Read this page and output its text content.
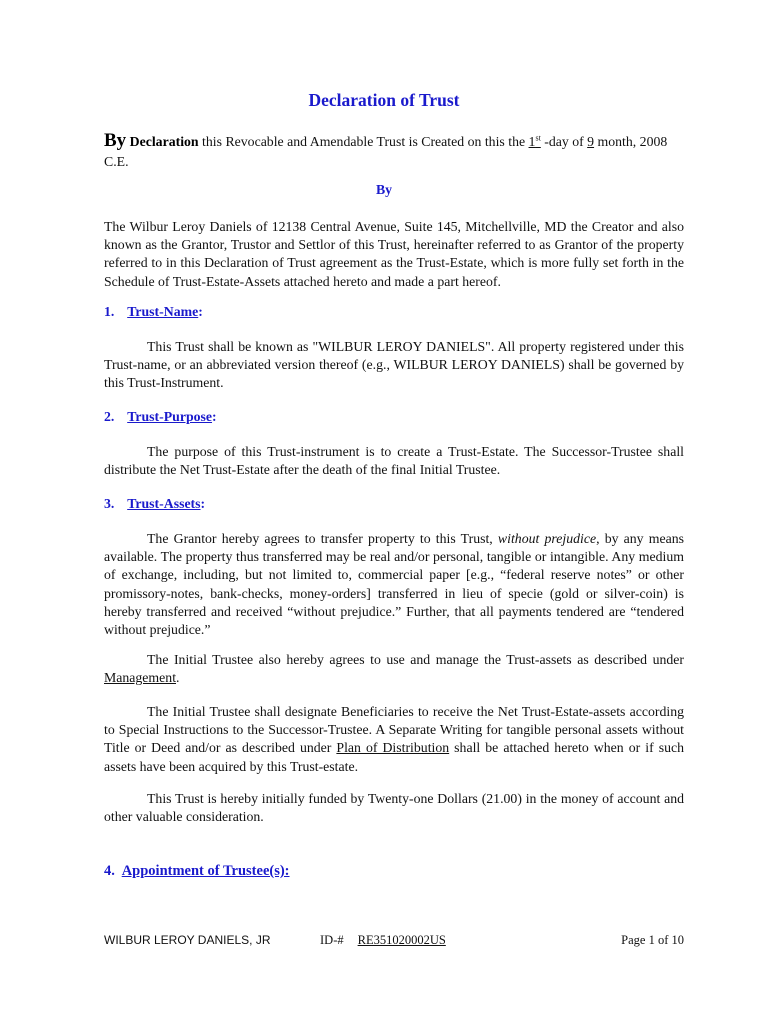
Declaration of Trust
By Declaration this Revocable and Amendable Trust is Created on this the 1st -day of 9 month, 2008 C.E.
By
The Wilbur Leroy Daniels of 12138 Central Avenue, Suite 145, Mitchellville, MD the Creator and also known as the Grantor, Trustor and Settlor of this Trust, hereinafter referred to as Grantor of the property referred to in this Declaration of Trust agreement as the Trust-Estate, which is more fully set forth in the Schedule of Trust-Estate-Assets attached hereto and made a part hereof.
1. Trust-Name:
This Trust shall be known as "WILBUR LEROY DANIELS". All property registered under this Trust-name, or an abbreviated version thereof (e.g., WILBUR LEROY DANIELS) shall be governed by this Trust-Instrument.
2. Trust-Purpose:
The purpose of this Trust-instrument is to create a Trust-Estate. The Successor-Trustee shall distribute the Net Trust-Estate after the death of the final Initial Trustee.
3. Trust-Assets:
The Grantor hereby agrees to transfer property to this Trust, without prejudice, by any means available. The property thus transferred may be real and/or personal, tangible or intangible. Any medium of exchange, including, but not limited to, commercial paper [e.g., “federal reserve notes” or other promissory-notes, bank-checks, money-orders] transferred in lieu of specie (gold or silver-coin) is hereby transferred and received “without prejudice.” Further, that all payments tendered are “tendered without prejudice.”
The Initial Trustee also hereby agrees to use and manage the Trust-assets as described under Management.
The Initial Trustee shall designate Beneficiaries to receive the Net Trust-Estate-assets according to Special Instructions to the Successor-Trustee. A Separate Writing for tangible personal assets without Title or Deed and/or as described under Plan of Distribution shall be attached hereto when or if such assets have been acquired by this Trust-estate.
This Trust is hereby initially funded by Twenty-one Dollars (21.00) in the money of account and other valuable consideration.
4. Appointment of Trustee(s):
WILBUR LEROY DANIELS, JR	ID-# RE351020002US	Page 1 of 10
